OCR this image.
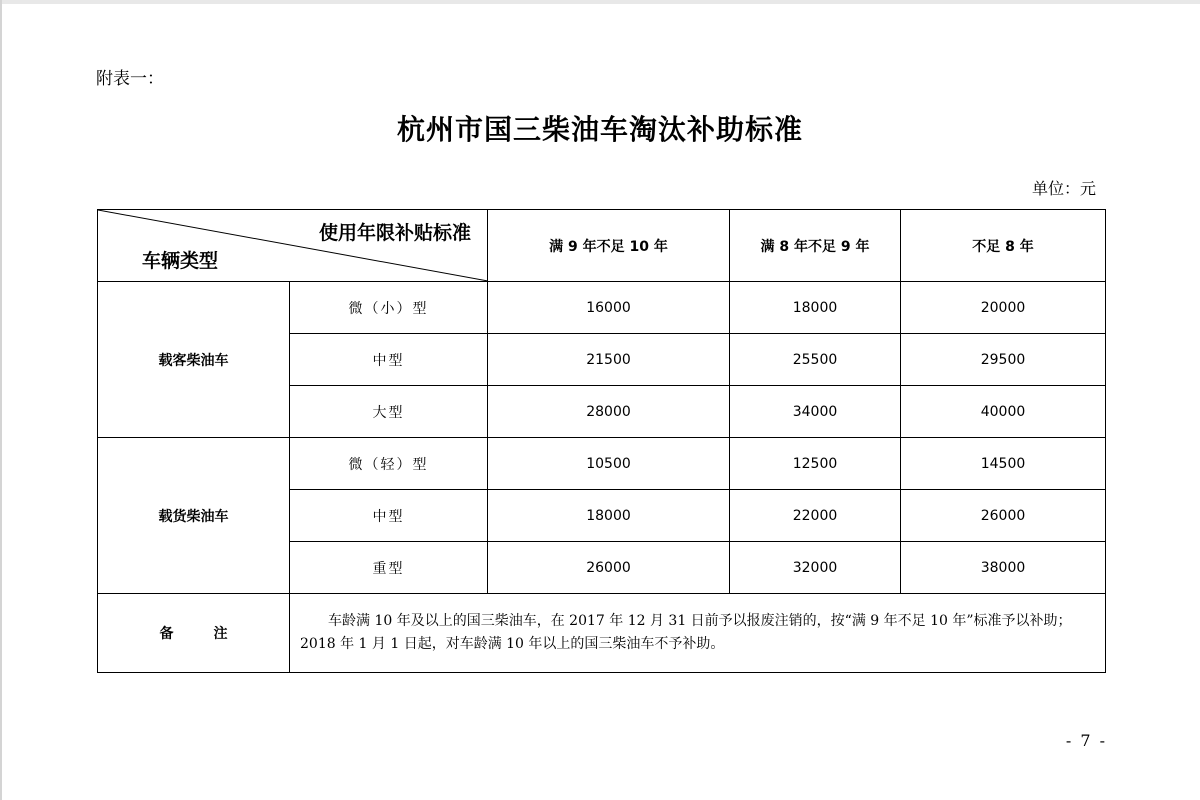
附表一：
杭州市国三柴油车淘汰补助标准
单位：元
使用年限补贴标准
车辆类型		满 9 年不足 10 年	满 8 年不足 9 年	不足 8 年
载客柴油车	微（小）型	16000	18000	20000
	中型	21500	25500	29500
	大型	28000	34000	40000
载货柴油车	微（轻）型	10500	12500	14500
	中型	18000	22000	26000
	重型	26000	32000	38000
备注	车龄满 10 年及以上的国三柴油车，在 2017 年 12 月 31 日前予以报废注销的，按“满 9 年不足 10 年”标准予以补助；2018 年 1 月 1 日起，对车龄满 10 年以上的国三柴油车不予补助。			
- 7 -
